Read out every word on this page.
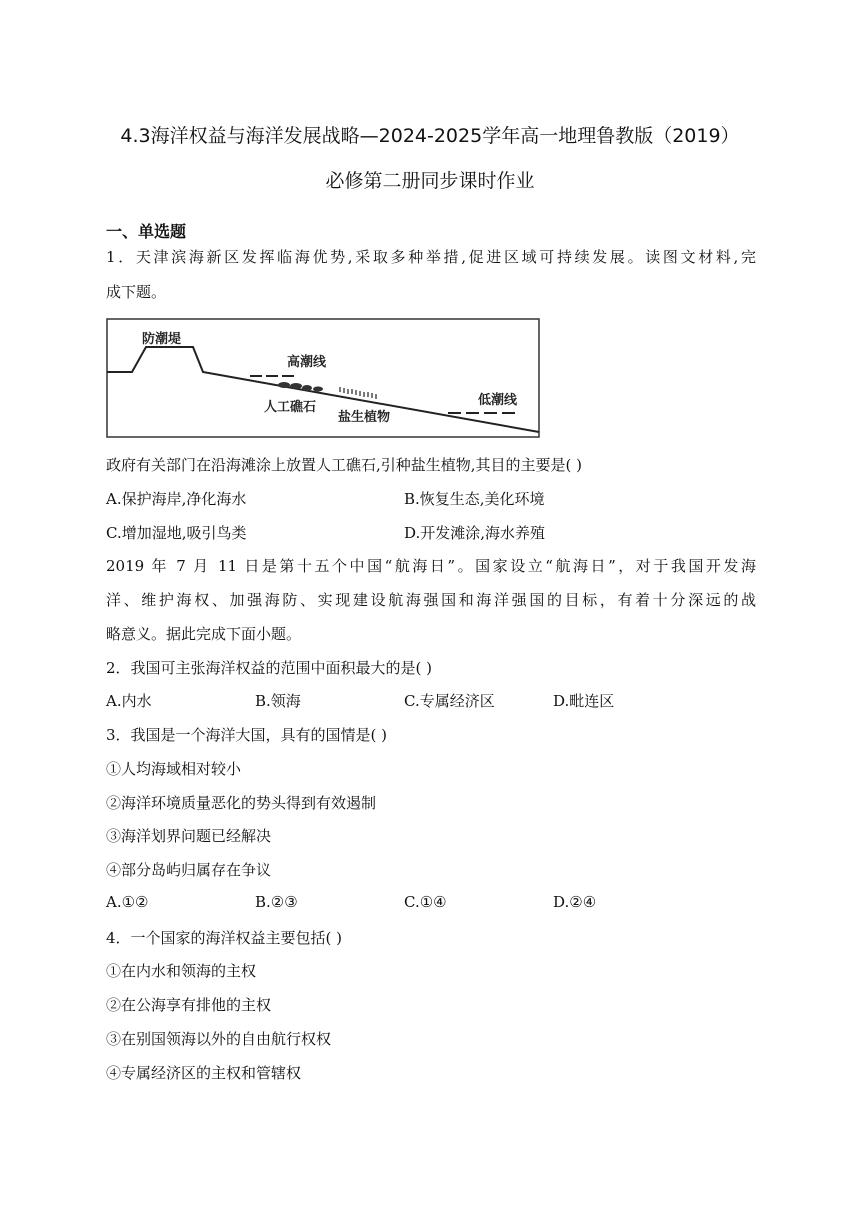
4.3海洋权益与海洋发展战略—2024-2025学年高一地理鲁教版（2019）
必修第二册同步课时作业
一、单选题
1．天津滨海新区发挥临海优势,采取多种举措,促进区域可持续发展。读图文材料,完
成下题。
防潮堤
高潮线
人工礁石
盐生植物
低潮线
政府有关部门在沿海滩涂上放置人工礁石,引种盐生植物,其目的主要是( )
A.保护海岸,净化海水	B.恢复生态,美化环境
C.增加湿地,吸引鸟类	D.开发滩涂,海水养殖
2019 年 7 月 11 日是第十五个中国“航海日”。国家设立“航海日”，对于我国开发海
洋、维护海权、加强海防、实现建设航海强国和海洋强国的目标，有着十分深远的战
略意义。据此完成下面小题。
2．我国可主张海洋权益的范围中面积最大的是( )
A.内水	B.领海	C.专属经济区	D.毗连区
3．我国是一个海洋大国，具有的国情是( )
①人均海域相对较小
②海洋环境质量恶化的势头得到有效遏制
③海洋划界问题已经解决
④部分岛屿归属存在争议
A.①②	B.②③	C.①④	D.②④
4．一个国家的海洋权益主要包括( )
①在内水和领海的主权
②在公海享有排他的主权
③在别国领海以外的自由航行权权
④专属经济区的主权和管辖权
